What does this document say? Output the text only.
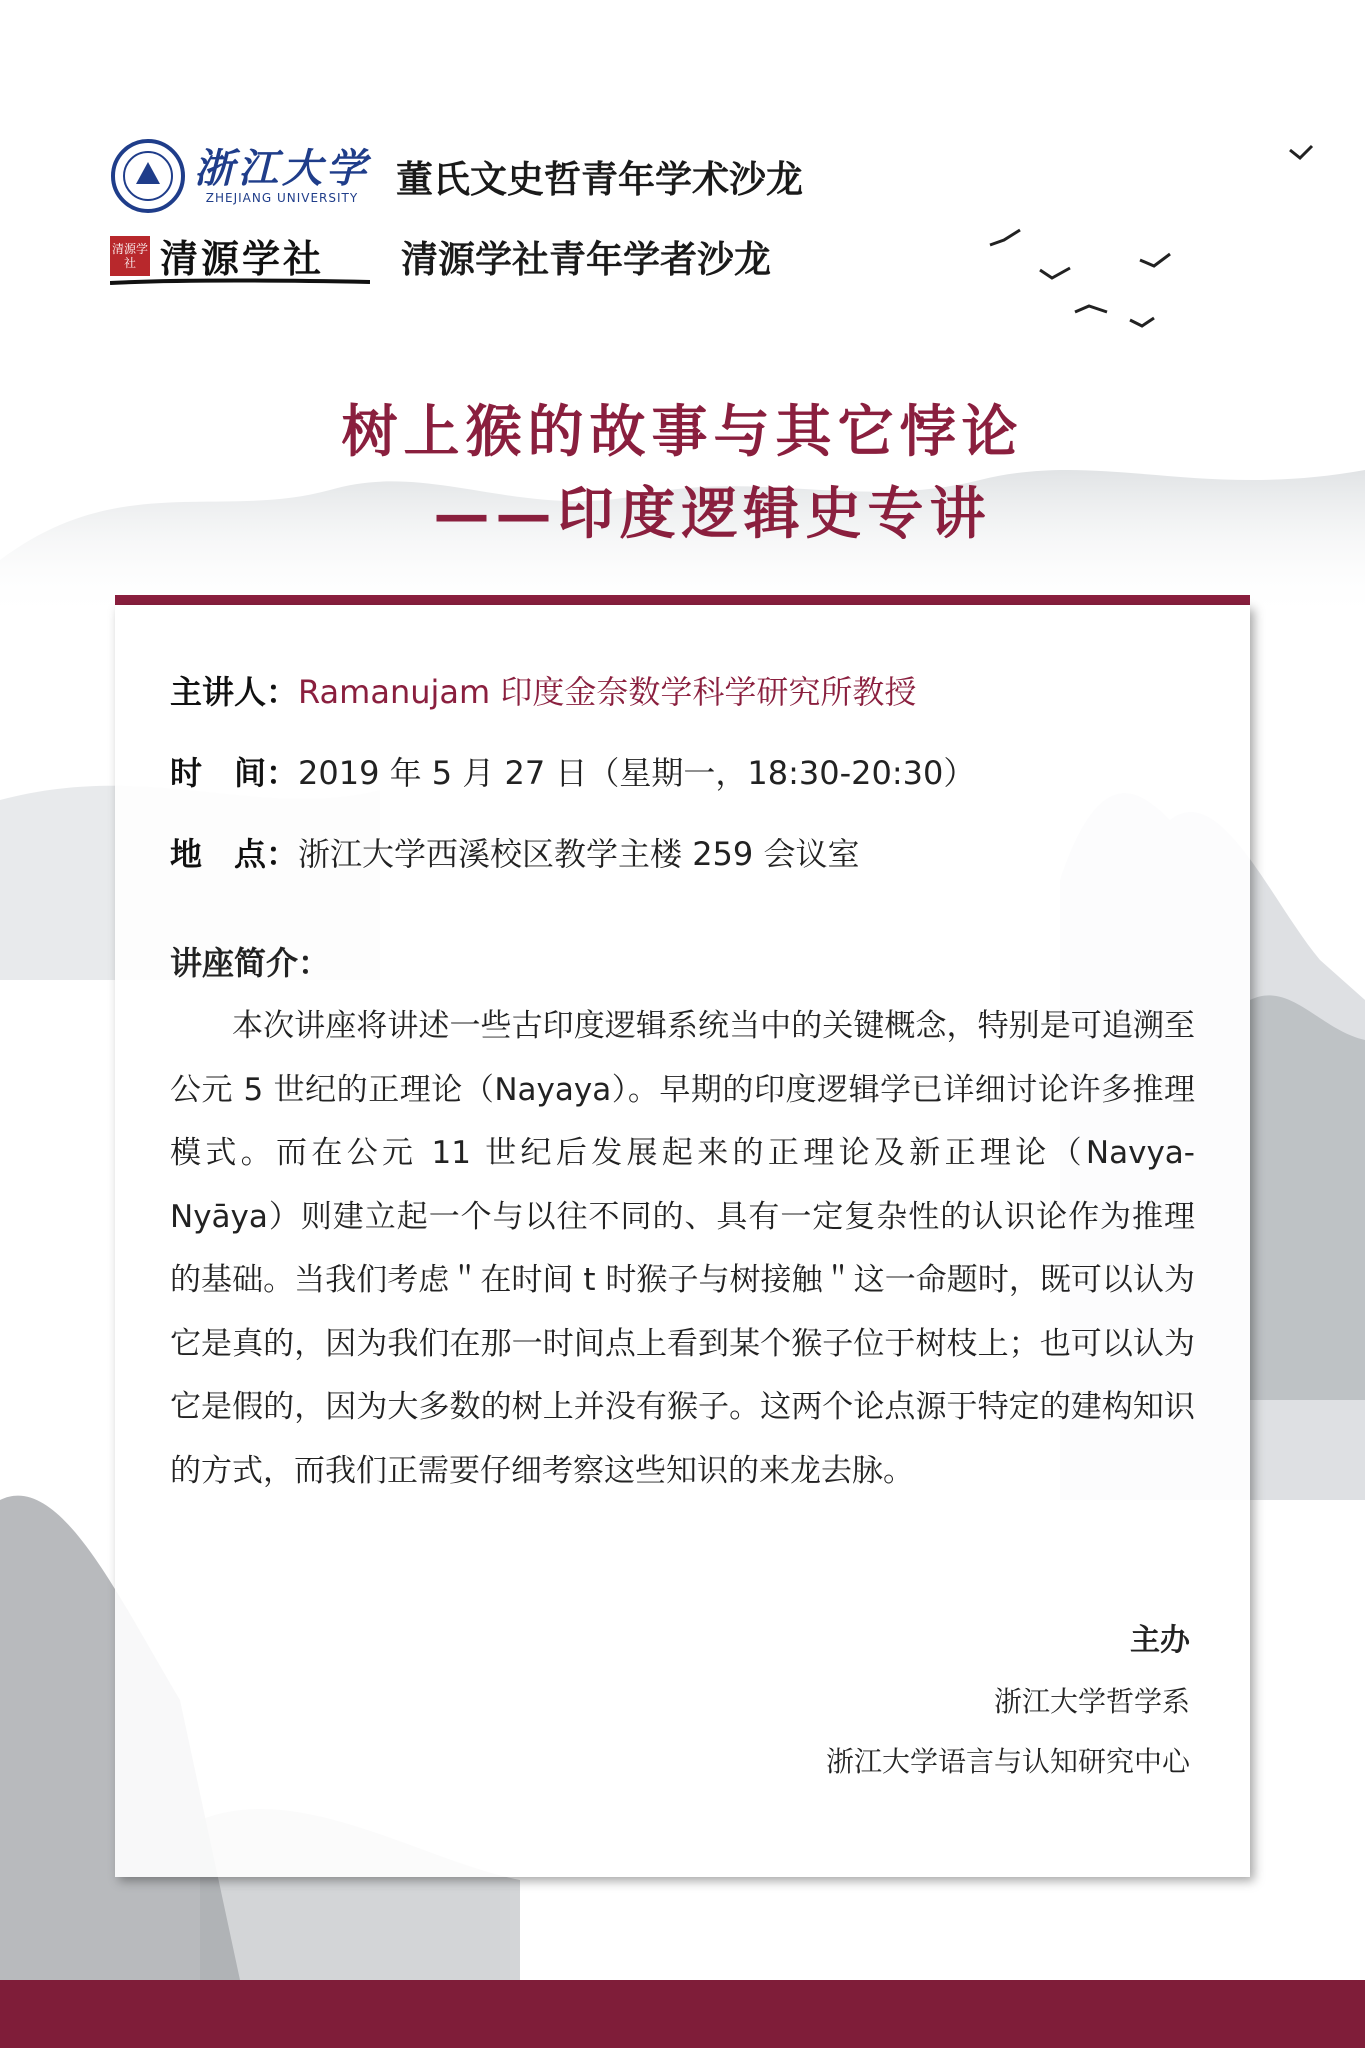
浙江大学
ZHEJIANG UNIVERSITY 董氏文史哲青年学术沙龙
清源学社 清源学社 清源学社青年学者沙龙
树上猴的故事与其它悖论
——印度逻辑史专讲
主讲人： Ramanujam 印度金奈数学科学研究所教授
时　间： 2019 年 5 月 27 日（星期一，18:30-20:30）
地　点： 浙江大学西溪校区教学主楼 259 会议室
讲座简介：
本次讲座将讲述一些古印度逻辑系统当中的关键概念，特别是可追溯至公元 5 世纪的正理论（Nayaya）。早期的印度逻辑学已详细讨论许多推理模式。而在公元 11 世纪后发展起来的正理论及新正理论（Navya-Nyāya）则建立起一个与以往不同的、具有一定复杂性的认识论作为推理的基础。当我们考虑＂在时间 t 时猴子与树接触＂这一命题时，既可以认为它是真的，因为我们在那一时间点上看到某个猴子位于树枝上；也可以认为它是假的，因为大多数的树上并没有猴子。这两个论点源于特定的建构知识的方式，而我们正需要仔细考察这些知识的来龙去脉。
主办
浙江大学哲学系
浙江大学语言与认知研究中心
